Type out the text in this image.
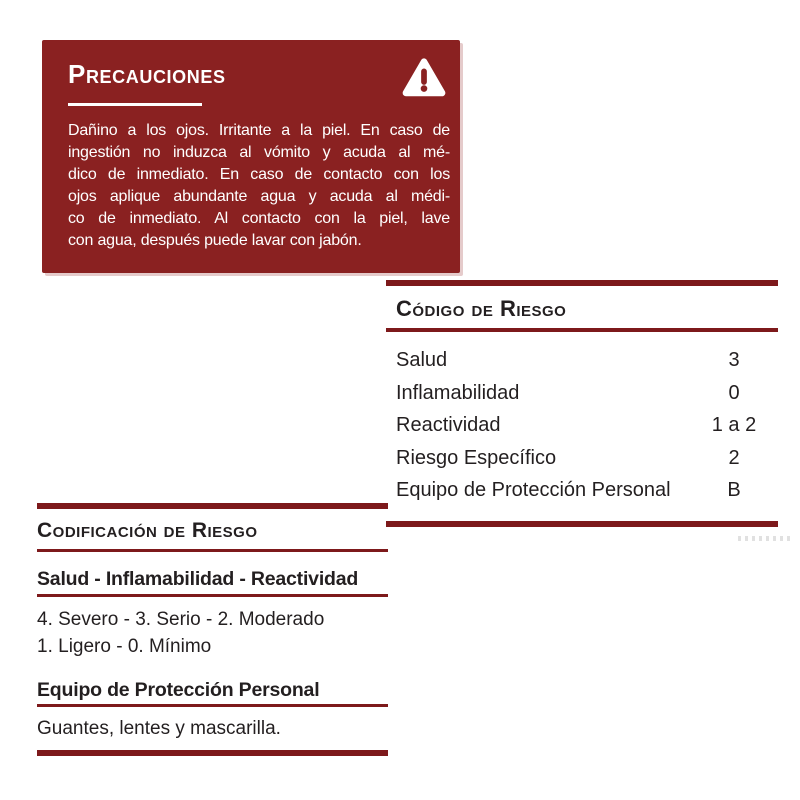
Precauciones
Dañino a los ojos. Irritante a la piel. En caso de
ingestión no induzca al vómito y acuda al mé-
dico de inmediato. En caso de contacto con los
ojos aplique abundante agua y acuda al médi-
co de inmediato. Al contacto con la piel, lave
con agua, después puede lavar con jabón.
Código de Riesgo
Salud	3
Inflamabilidad	0
Reactividad	1 a 2
Riesgo Específico	2
Equipo de Protección Personal	B
Codificación de Riesgo
Salud - Inflamabilidad - Reactividad

4. Severo - 3. Serio - 2. Moderado

1. Ligero - 0. Mínimo

Equipo de Protección Personal

Guantes, lentes y mascarilla.
